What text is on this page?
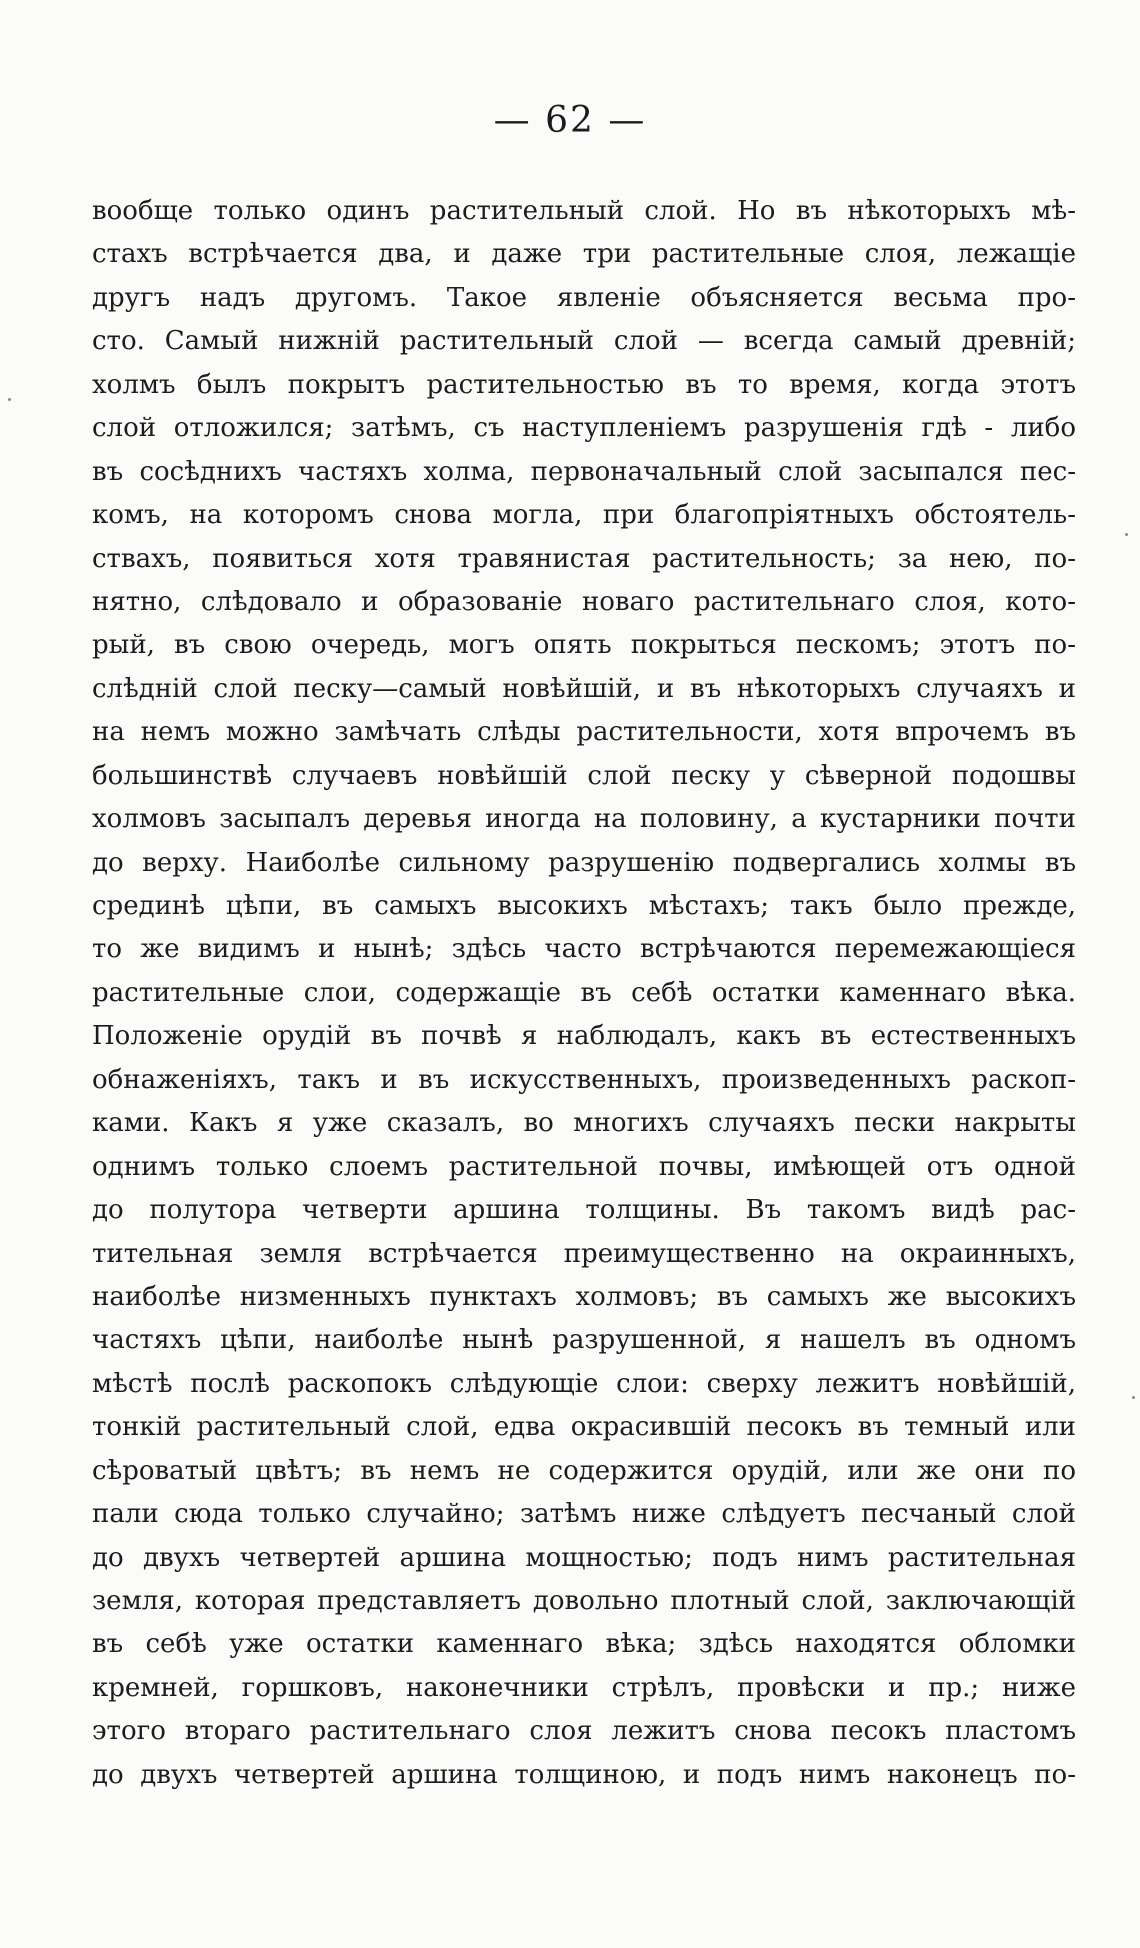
— 62 —
вообще только одинъ растительный слой. Но въ нѣкоторыхъ мѣ-
стахъ встрѣчается два, и даже три растительные слоя, лежащіе
другъ надъ другомъ. Такое явленіе объясняется весьма про-
сто. Самый нижній растительный слой — всегда самый древній;
холмъ былъ покрытъ растительностью въ то время, когда этотъ
слой отложился; затѣмъ, съ наступленіемъ разрушенія гдѣ - либо
въ сосѣднихъ частяхъ холма, первоначальный слой засыпался пес-
комъ, на которомъ снова могла, при благопріятныхъ обстоятель-
ствахъ, появиться хотя травянистая растительность; за нею, по-
нятно, слѣдовало и образованіе новаго растительнаго слоя, кото-
рый, въ свою очередь, могъ опять покрыться пескомъ; этотъ по-
слѣдній слой песку—самый новѣйшій, и въ нѣкоторыхъ случаяхъ и
на немъ можно замѣчать слѣды растительности, хотя впрочемъ въ
большинствѣ случаевъ новѣйшій слой песку у сѣверной подошвы
холмовъ засыпалъ деревья иногда на половину, а кустарники почти
до верху. Наиболѣе сильному разрушенію подвергались холмы въ
срединѣ цѣпи, въ самыхъ высокихъ мѣстахъ; такъ было прежде,
то же видимъ и нынѣ; здѣсь часто встрѣчаются перемежающіеся
растительные слои, содержащіе въ себѣ остатки каменнаго вѣка.
Положеніе орудій въ почвѣ я наблюдалъ, какъ въ естественныхъ
обнаженіяхъ, такъ и въ искусственныхъ, произведенныхъ раскоп-
ками. Какъ я уже сказалъ, во многихъ случаяхъ пески накрыты
однимъ только слоемъ растительной почвы, имѣющей отъ одной
до полутора четверти аршина толщины. Въ такомъ видѣ рас-
тительная земля встрѣчается преимущественно на окраинныхъ,
наиболѣе низменныхъ пунктахъ холмовъ; въ самыхъ же высокихъ
частяхъ цѣпи, наиболѣе нынѣ разрушенной, я нашелъ въ одномъ
мѣстѣ послѣ раскопокъ слѣдующіе слои: сверху лежитъ новѣйшій,
тонкій растительный слой, едва окрасившій песокъ въ темный или
сѣроватый цвѣтъ; въ немъ не содержится орудій, или же они по
пали сюда только случайно; затѣмъ ниже слѣдуетъ песчаный слой
до двухъ четвертей аршина мощностью; подъ нимъ растительная
земля, которая представляетъ довольно плотный слой, заключающій
въ себѣ уже остатки каменнаго вѣка; здѣсь находятся обломки
кремней, горшковъ, наконечники стрѣлъ, провѣски и пр.; ниже
этого втораго растительнаго слоя лежитъ снова песокъ пластомъ
до двухъ четвертей аршина толщиною, и подъ нимъ наконецъ по-
